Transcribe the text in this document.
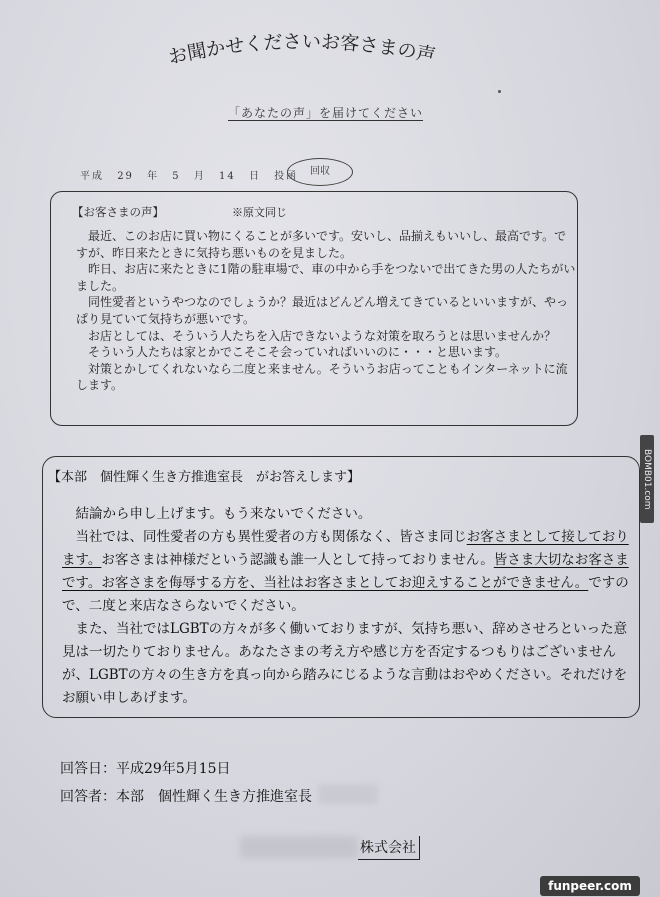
お聞かせくださいお客さまの声
「あなたの声」を届けてください
平成 29 年 5 月 14 日 投函	回収
【お客さまの声】	※原文同じ

　最近、このお店に買い物にくることが多いです。安いし、品揃えもいいし、最高です。ですが、昨日来たときに気持ち悪いものを見ました。

　昨日、お店に来たときに1階の駐車場で、車の中から手をつないで出てきた男の人たちがいました。

　同性愛者というやつなのでしょうか？最近はどんどん増えてきているといいますが、やっぱり見ていて気持ちが悪いです。

　お店としては、そういう人たちを入店できないような対策を取ろうとは思いませんか？

　そういう人たちは家とかでこそこそ会っていればいいのに・・・と思います。

　対策とかしてくれないなら二度と来ません。そういうお店ってこともインターネットに流します。

【本部　個性輝く生き方推進室長　がお答えします】

　結論から申し上げます。もう来ないでください。

　当社では、同性愛者の方も異性愛者の方も関係なく、皆さま同じお客さまとして接しております。お客さまは神様だという認識も誰一人として持っておりません。皆さま大切なお客さまです。お客さまを侮辱する方を、当社はお客さまとしてお迎えすることができません。ですので、二度と来店なさらないでください。

　また、当社ではLGBTの方々が多く働いておりますが、気持ち悪い、辞めさせろといった意見は一切たりておりません。あなたさまの考え方や感じ方を否定するつもりはございませんが、LGBTの方々の生き方を真っ向から踏みにじるような言動はおやめください。それだけをお願い申しあげます。

回答日：平成29年5月15日
回答者：本部　個性輝く生き方推進室長
株式会社
BOMB01.com
funpeer.com
